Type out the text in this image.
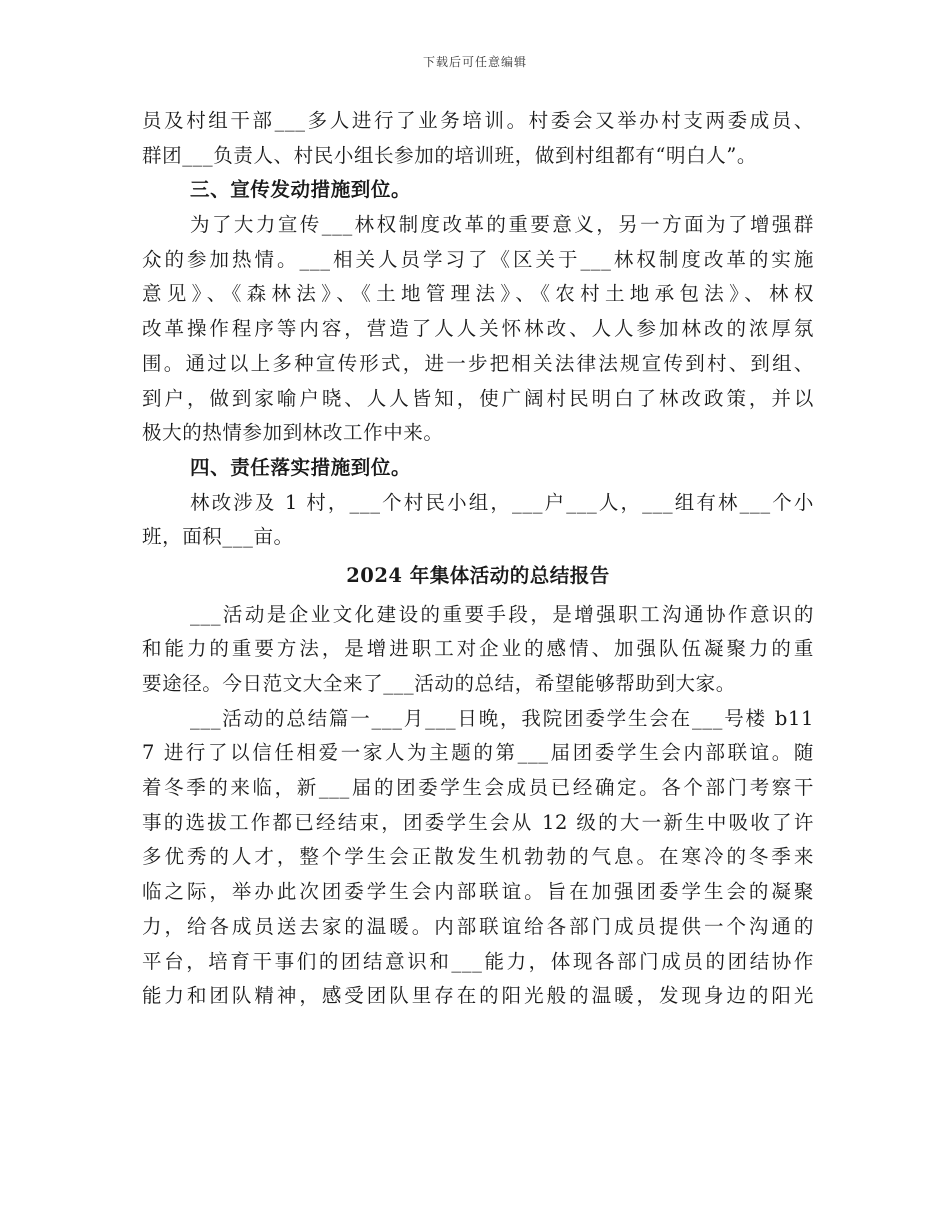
下载后可任意编辑
员及村组干部___多人进行了业务培训。村委会又举办村支两委成员、
群团___负责人、村民小组长参加的培训班，做到村组都有“明白人”。
三、宣传发动措施到位。
为了大力宣传___林权制度改革的重要意义，另一方面为了增强群
众的参加热情。___相关人员学习了《区关于___林权制度改革的实施
意见》、《森林法》、《土地管理法》、《农村土地承包法》、林权
改革操作程序等内容，营造了人人关怀林改、人人参加林改的浓厚氛
围。通过以上多种宣传形式，进一步把相关法律法规宣传到村、到组、
到户，做到家喻户晓、人人皆知，使广阔村民明白了林改政策，并以
极大的热情参加到林改工作中来。
四、责任落实措施到位。
林改涉及 1 村，___个村民小组，___户___人，___组有林___个小
班，面积___亩。
2024 年集体活动的总结报告
___活动是企业文化建设的重要手段，是增强职工沟通协作意识的
和能力的重要方法，是增进职工对企业的感情、加强队伍凝聚力的重
要途径。今日范文大全来了___活动的总结，希望能够帮助到大家。
___活动的总结篇一___月___日晚，我院团委学生会在___号楼 b11
7 进行了以信任相爱一家人为主题的第___届团委学生会内部联谊。随
着冬季的来临，新___届的团委学生会成员已经确定。各个部门考察干
事的选拔工作都已经结束，团委学生会从 12 级的大一新生中吸收了许
多优秀的人才，整个学生会正散发生机勃勃的气息。在寒冷的冬季来
临之际，举办此次团委学生会内部联谊。旨在加强团委学生会的凝聚
力，给各成员送去家的温暖。内部联谊给各部门成员提供一个沟通的
平台，培育干事们的团结意识和___能力，体现各部门成员的团结协作
能力和团队精神，感受团队里存在的阳光般的温暖，发现身边的阳光
